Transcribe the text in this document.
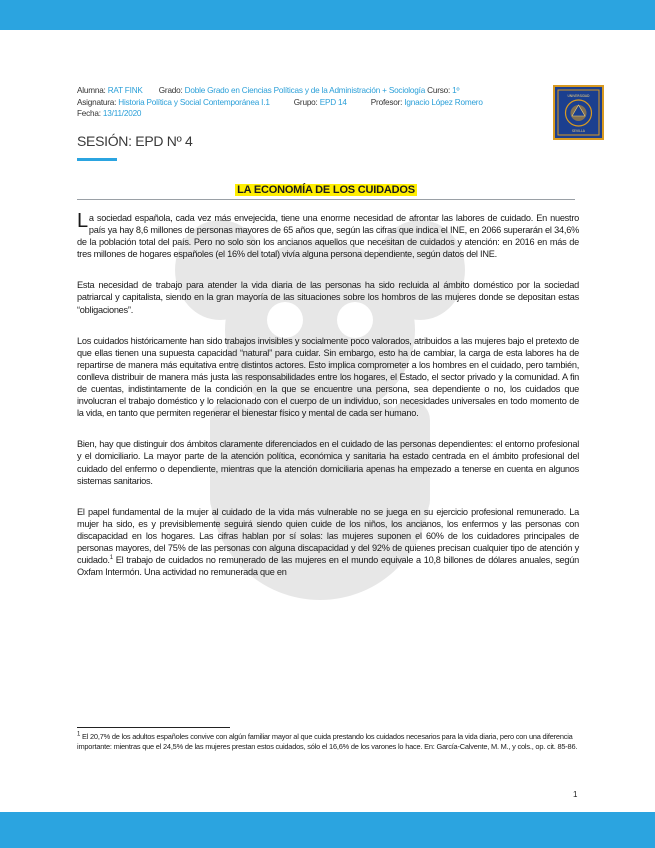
Alumna: RAT FINK Grado: Doble Grado en Ciencias Políticas y de la Administración + Sociología Curso: 1º
Asignatura: Historia Política y Social Contemporánea I.1	Grupo: EPD 14	Profesor: Ignacio López Romero
Fecha: 13/11/2020
SESIÓN: EPD Nº 4
UNIVERSIDAD
SEVILLA
LA ECONOMÍA DE LOS CUIDADOS

La sociedad española, cada vez más envejecida, tiene una enorme necesidad de afrontar las labores de cuidado. En nuestro país ya hay 8,6 millones de personas mayores de 65 años que, según las cifras que indica el INE, en 2066 superarán el 34,6% de la población total del país. Pero no solo son los ancianos aquellos que necesitan de cuidados y atención: en 2016 en más de tres millones de hogares españoles (el 16% del total) vivía alguna persona dependiente, según datos del INE.

Esta necesidad de trabajo para atender la vida diaria de las personas ha sido recluida al ámbito doméstico por la sociedad patriarcal y capitalista, siendo en la gran mayoría de las situaciones sobre los hombros de las mujeres donde se depositan estas “obligaciones”.

Los cuidados históricamente han sido trabajos invisibles y socialmente poco valorados, atribuidos a las mujeres bajo el pretexto de que ellas tienen una supuesta capacidad “natural” para cuidar. Sin embargo, esto ha de cambiar, la carga de esta labores ha de repartirse de manera más equitativa entre distintos actores. Esto implica comprometer a los hombres en el cuidado, pero también, conlleva distribuir de manera más justa las responsabilidades entre los hogares, el Estado, el sector privado y la comunidad. A fin de cuentas, indistintamente de la condición en la que se encuentre una persona, sea dependiente o no, los cuidados que involucran el trabajo doméstico y lo relacionado con el cuerpo de un individuo, son necesidades universales en todo momento de la vida, en tanto que permiten regenerar el bienestar físico y mental de cada ser humano.

Bien, hay que distinguir dos ámbitos claramente diferenciados en el cuidado de las personas dependientes: el entorno profesional y el domiciliario. La mayor parte de la atención política, económica y sanitaria ha estado centrada en el ámbito profesional del cuidado del enfermo o dependiente, mientras que la atención domiciliaria apenas ha empezado a tenerse en cuenta en algunos sistemas sanitarios.

El papel fundamental de la mujer al cuidado de la vida más vulnerable no se juega en su ejercicio profesional remunerado. La mujer ha sido, es y previsiblemente seguirá siendo quien cuide de los niños, los ancianos, los enfermos y las personas con discapacidad en los hogares. Las cifras hablan por sí solas: las mujeres suponen el 60% de los cuidadores principales de personas mayores, del 75% de las personas con alguna discapacidad y del 92% de quienes precisan cualquier tipo de atención y cuidado.$^1$ El trabajo de cuidados no remunerado de las mujeres en el mundo equivale a 10,8 billones de dólares anuales, según Oxfam Intermón. Una actividad no remunerada que en

$^1$ El 20,7% de los adultos españoles convive con algún familiar mayor al que cuida prestando los cuidados necesarios para la vida diaria, pero con una diferencia importante: mientras que el 24,5% de las mujeres prestan estos cuidados, sólo el 16,6% de los varones lo hace. En: García-Calvente, M. M., y cols., op. cit. 85-86.
1
